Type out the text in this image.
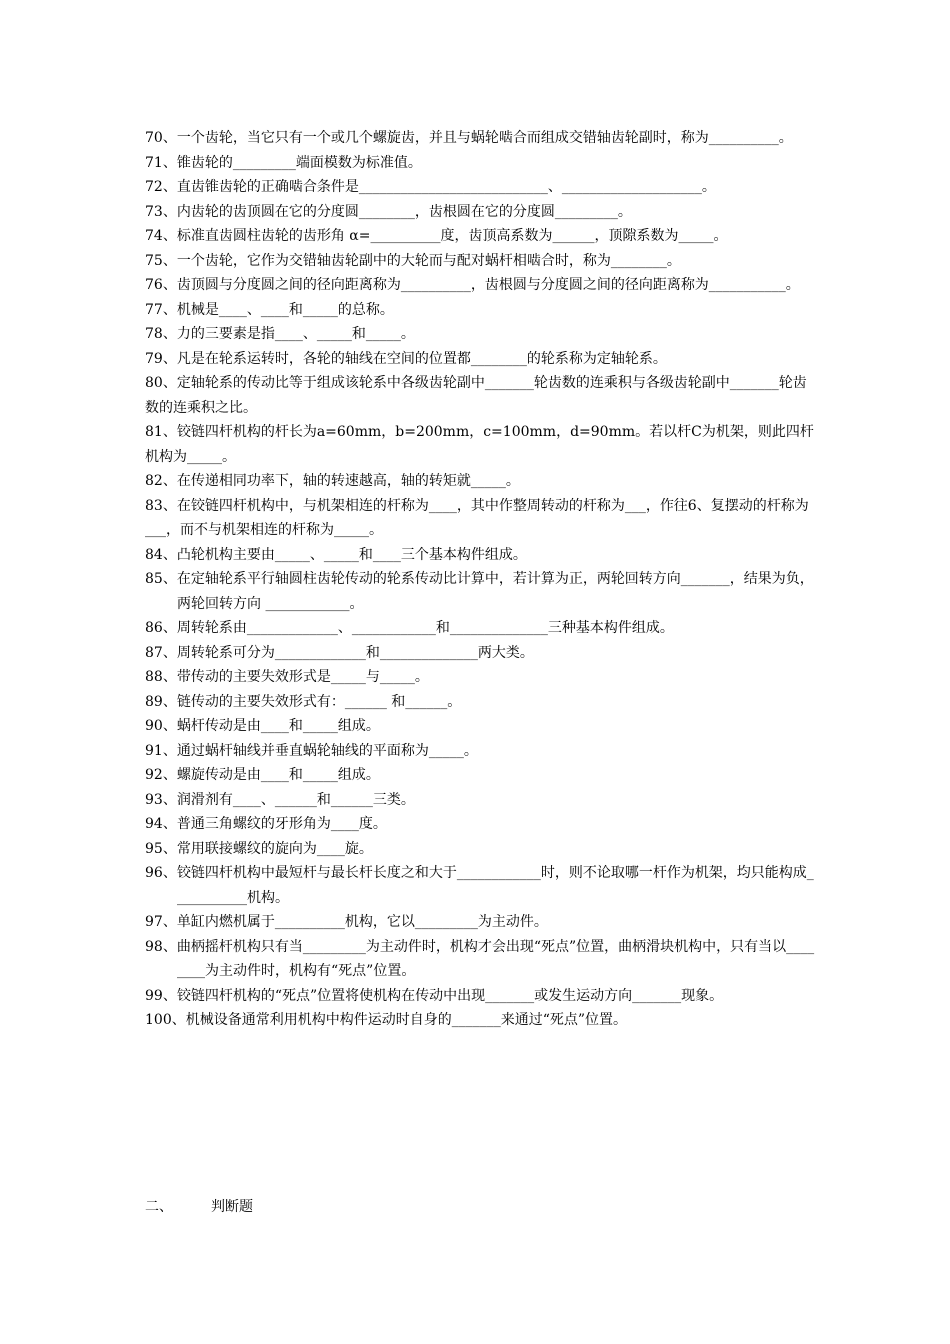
70、一个齿轮，当它只有一个或几个螺旋齿，并且与蜗轮啮合而组成交错轴齿轮副时，称为__________。
71、锥齿轮的_________端面模数为标准值。
72、直齿锥齿轮的正确啮合条件是___________________________、____________________。
73、内齿轮的齿顶圆在它的分度圆________，齿根圆在它的分度圆_________。
74、标准直齿圆柱齿轮的齿形角 α=__________度，齿顶高系数为______，顶隙系数为_____。
75、一个齿轮，它作为交错轴齿轮副中的大轮而与配对蜗杆相啮合时，称为________。
76、齿顶圆与分度圆之间的径向距离称为__________，齿根圆与分度圆之间的径向距离称为___________。
77、机械是____、____和_____的总称。
78、力的三要素是指____、_____和_____。
79、凡是在轮系运转时，各轮的轴线在空间的位置都________的轮系称为定轴轮系。
80、定轴轮系的传动比等于组成该轮系中各级齿轮副中_______轮齿数的连乘积与各级齿轮副中_______轮齿数的连乘积之比。
81、铰链四杆机构的杆长为a=60mm，b=200mm，c=100mm，d=90mm。若以杆C为机架，则此四杆机构为_____。
82、在传递相同功率下，轴的转速越高，轴的转矩就_____。
83、在铰链四杆机构中，与机架相连的杆称为____，其中作整周转动的杆称为___，作往6、复摆动的杆称为___，而不与机架相连的杆称为_____。
84、凸轮机构主要由_____、_____和____三个基本构件组成。
85、在定轴轮系平行轴圆柱齿轮传动的轮系传动比计算中，若计算为正，两轮回转方向_______，结果为负，两轮回转方向 ____________。
86、周转轮系由_____________、____________和______________三种基本构件组成。
87、周转轮系可分为_____________和______________两大类。
88、带传动的主要失效形式是_____与_____。
89、链传动的主要失效形式有：______ 和______。
90、蜗杆传动是由____和_____组成。
91、通过蜗杆轴线并垂直蜗轮轴线的平面称为_____。
92、螺旋传动是由____和_____组成。
93、润滑剂有____、______和______三类。
94、普通三角螺纹的牙形角为____度。
95、常用联接螺纹的旋向为____旋。
96、铰链四杆机构中最短杆与最长杆长度之和大于____________时，则不论取哪一杆作为机架，均只能构成___________机构。
97、单缸内燃机属于__________机构，它以_________为主动件。
98、曲柄摇杆机构只有当_________为主动件时，机构才会出现“死点”位置，曲柄滑块机构中，只有当以________为主动件时，机构有“死点”位置。
99、铰链四杆机构的“死点”位置将使机构在传动中出现_______或发生运动方向_______现象。
100、机械设备通常利用机构中构件运动时自身的_______来通过“死点”位置。
二、	判断题
